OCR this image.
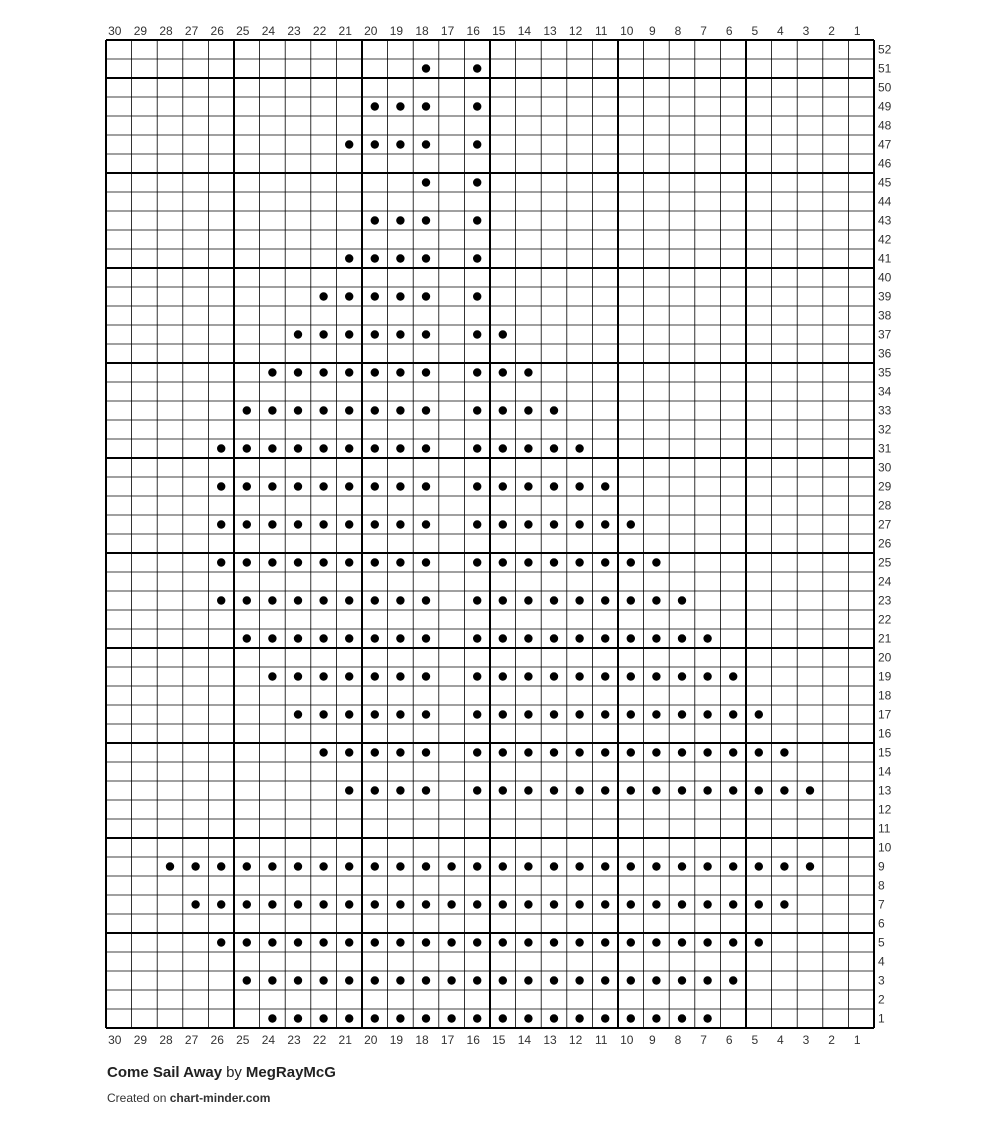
1
2
3
4
5
6
7
8
9
10
11
12
13
14
15
16
17
18
19
20
21
22
23
24
25
26
27
28
29
30
1
2
3
4
5
6
7
8
9
10
11
12
13
14
15
16
17
18
19
20
21
22
23
24
25
26
27
28
29
30
1
2
3
4
5
6
7
8
9
10
11
12
13
14
15
16
17
18
19
20
21
22
23
24
25
26
27
28
29
30
31
32
33
34
35
36
37
38
39
40
41
42
43
44
45
46
47
48
49
50
51
52
Come Sail Away by MegRayMcG
Created on chart-minder.com
